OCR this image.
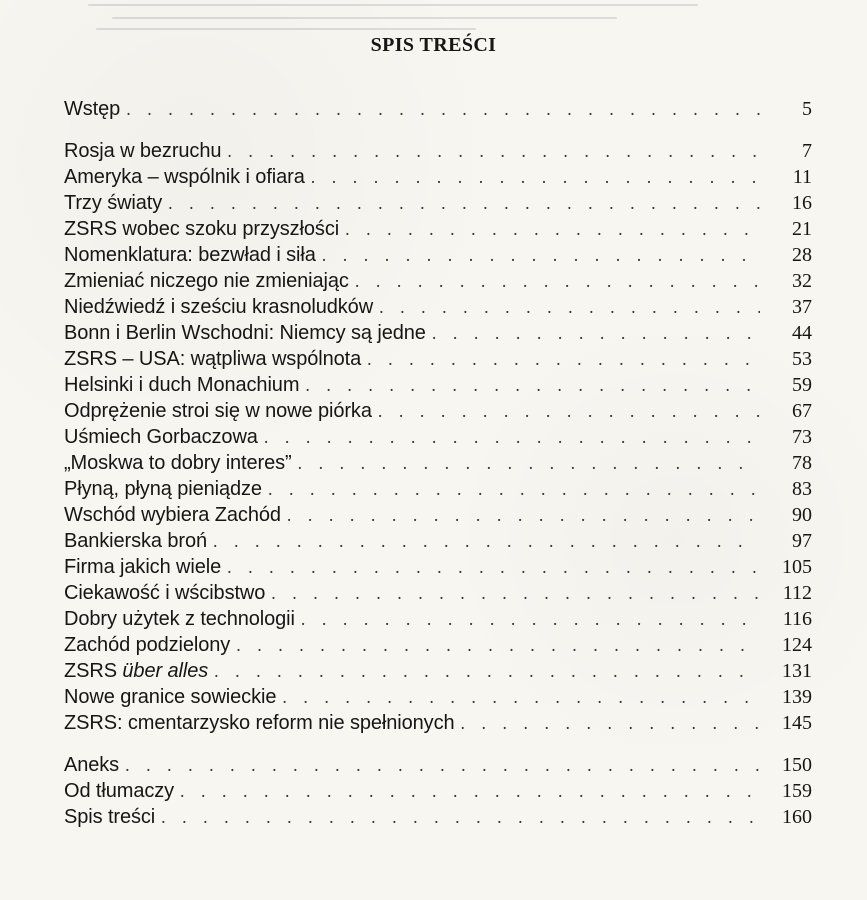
SPIS TREŚCI
Wstęp . . .	5
Rosja w bezruchu . . .	7
Ameryka – wspólnik i ofiara . . .	11
Trzy światy . . .	16
ZSRS wobec szoku przyszłości . . .	21
Nomenklatura: bezwład i siła . . .	28
Zmieniać niczego nie zmieniając . . .	32
Niedźwiedź i sześciu krasnoludków . . .	37
Bonn i Berlin Wschodni: Niemcy są jedne . . .	44
ZSRS – USA: wątpliwa wspólnota . . .	53
Helsinki i duch Monachium . . .	59
Odprężenie stroi się w nowe piórka . . .	67
Uśmiech Gorbaczowa . . .	73
„Moskwa to dobry interes” . . .	78
Płyną, płyną pieniądze . . .	83
Wschód wybiera Zachód . . .	90
Bankierska broń . . .	97
Firma jakich wiele . . .	105
Ciekawość i wścibstwo . . .	112
Dobry użytek z technologii . . .	116
Zachód podzielony . . .	124
ZSRS über alles . . .	131
Nowe granice sowieckie . . .	139
ZSRS: cmentarzysko reform nie spełnionych . . .	145
Aneks . . .	150
Od tłumaczy . . .	159
Spis treści . . .	160
